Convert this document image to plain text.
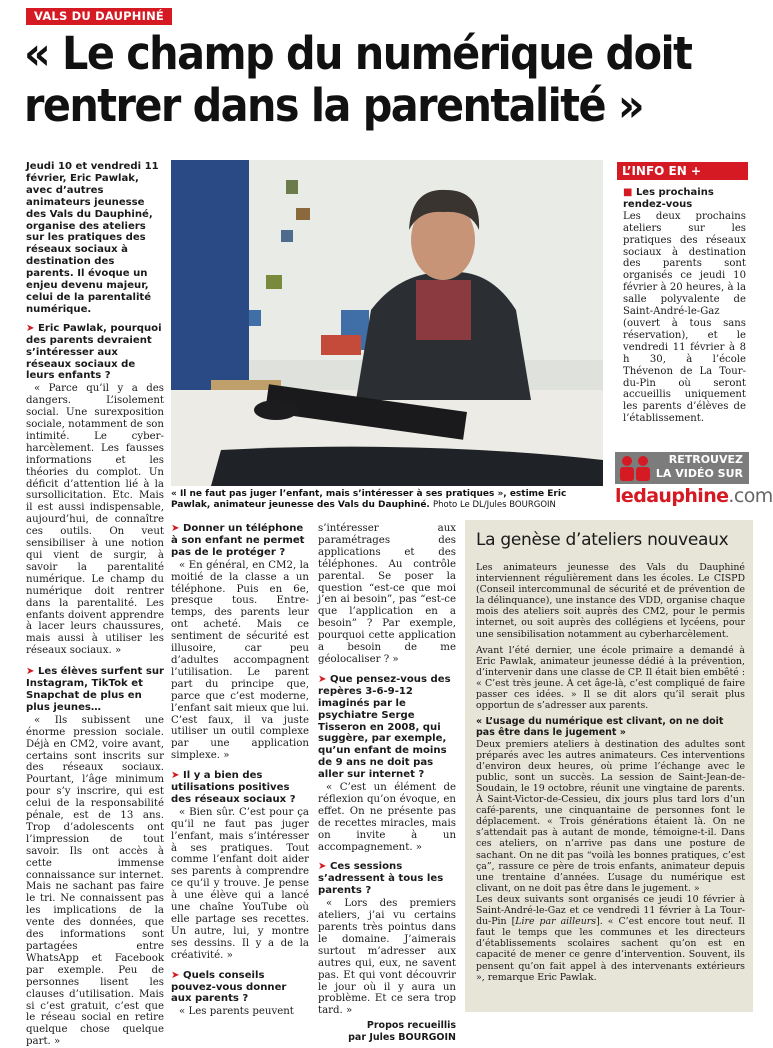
VALS DU DAUPHINÉ
« Le champ du numérique doit
rentrer dans la parentalité »

Jeudi 10 et vendredi 11 février, Eric Pawlak, avec d’autres animateurs jeunesse des Vals du Dauphiné, organise des ateliers sur les pratiques des réseaux sociaux à destination des parents. Il évoque un enjeu devenu majeur, celui de la parentalité numérique.

➤ Eric Pawlak, pourquoi des parents devraient s’intéresser aux réseaux sociaux de leurs enfants ?

« Parce qu’il y a des dangers. L’isolement social. Une surexposition sociale, notamment de son intimité. Le cyber-harcèlement. Les fausses informations et les théories du complot. Un déficit d’attention lié à la sursollicitation. Etc. Mais il est aussi indispensable, aujourd’hui, de connaître ces outils. On veut sensibiliser à une notion qui vient de surgir, à savoir la parentalité numérique. Le champ du numérique doit rentrer dans la parentalité. Les enfants doivent apprendre à lacer leurs chaussures, mais aussi à utiliser les réseaux sociaux. »

➤ Les élèves surfent sur Instagram, TikTok et Snapchat de plus en plus jeunes…

« Ils subissent une énorme pression sociale. Déjà en CM2, voire avant, certains sont inscrits sur des réseaux sociaux. Pourtant, l’âge minimum pour s’y inscrire, qui est celui de la responsabilité pénale, est de 13 ans. Trop d’adolescents ont l’impression de tout savoir. Ils ont accès à cette immense connaissance sur internet. Mais ne sachant pas faire le tri. Ne connaissent pas les implications de la vente des données, que des informations sont partagées entre WhatsApp et Facebook par exemple. Peu de personnes lisent les clauses d’utilisation. Mais si c’est gratuit, c’est que le réseau social en retire quelque chose quelque part. »

« Il ne faut pas juger l’enfant, mais s’intéresser à ses pratiques », estime Eric Pawlak, animateur jeunesse des Vals du Dauphiné. Photo Le DL/Jules BOURGOIN
L’INFO EN +
■ Les prochains rendez-vous

Les deux prochains ateliers sur les pratiques des réseaux sociaux à destination des parents sont organisés ce jeudi 10 février à 20 heures, à la salle polyvalente de Saint-André-le-Gaz (ouvert à tous sans réservation), et le vendredi 11 février à 8 h 30, à l’école Thévenon de La Tour-du-Pin où seront accueillis uniquement les parents d’élèves de l’établissement.

RETROUVEZ
LA VIDÉO SUR
ledauphine.com
➤ Donner un téléphone à son enfant ne permet pas de le protéger ?

« En général, en CM2, la moitié de la classe a un téléphone. Puis en 6e, presque tous. Entre-temps, des parents leur ont acheté. Mais ce sentiment de sécurité est illusoire, car peu d’adultes accompagnent l’utilisation. Le parent part du principe que, parce que c’est moderne, l’enfant sait mieux que lui. C’est faux, il va juste utiliser un outil complexe par une application simplexe. »

➤ Il y a bien des utilisations positives des réseaux sociaux ?

« Bien sûr. C’est pour ça qu’il ne faut pas juger l’enfant, mais s’intéresser à ses pratiques. Tout comme l’enfant doit aider ses parents à comprendre ce qu’il y trouve. Je pense à une élève qui a lancé une chaîne YouTube où elle partage ses recettes. Un autre, lui, y montre ses dessins. Il y a de la créativité. »

➤ Quels conseils pouvez-vous donner aux parents ?

« Les parents peuvent

s’intéresser aux paramétrages des applications et des téléphones. Au contrôle parental. Se poser la question “est-ce que moi j’en ai besoin”, pas “est-ce que l’application en a besoin” ? Par exemple, pourquoi cette application a besoin de me géolocaliser ? »

➤ Que pensez-vous des repères 3-6-9-12 imaginés par le psychiatre Serge Tisseron en 2008, qui suggère, par exemple, qu’un enfant de moins de 9 ans ne doit pas aller sur internet ?

« C’est un élément de réflexion qu’on évoque, en effet. On ne présente pas de recettes miracles, mais on invite à un accompagnement. »

➤ Ces sessions s’adressent à tous les parents ?

« Lors des premiers ateliers, j’ai vu certains parents très pointus dans le domaine. J’aimerais surtout m’adresser aux autres qui, eux, ne savent pas. Et qui vont découvrir le jour où il y aura un problème. Et ce sera trop tard. »

Propos recueillis
par Jules BOURGOIN
La genèse d’ateliers nouveaux

Les animateurs jeunesse des Vals du Dauphiné interviennent régulièrement dans les écoles. Le CISPD (Conseil intercommunal de sécurité et de prévention de la délinquance), une instance des VDD, organise chaque mois des ateliers soit auprès des CM2, pour le permis internet, ou soit auprès des collégiens et lycéens, pour une sensibilisation notamment au cyberharcèlement.

Avant l’été dernier, une école primaire a demandé à Eric Pawlak, animateur jeunesse dédié à la prévention, d’intervenir dans une classe de CP. Il était bien embêté : « C’est très jeune. À cet âge-là, c’est compliqué de faire passer ces idées. » Il se dit alors qu’il serait plus opportun de s’adresser aux parents.

« L’usage du numérique est clivant, on ne doit pas être dans le jugement »

Deux premiers ateliers à destination des adultes sont préparés avec les autres animateurs. Ces interventions d’environ deux heures, où prime l’échange avec le public, sont un succès. La session de Saint-Jean-de-Soudain, le 19 octobre, réunit une vingtaine de parents. À Saint-Victor-de-Cessieu, dix jours plus tard lors d’un café-parents, une cinquantaine de personnes font le déplacement. « Trois générations étaient là. On ne s’attendait pas à autant de monde, témoigne-t-il. Dans ces ateliers, on n’arrive pas dans une posture de sachant. On ne dit pas “voilà les bonnes pratiques, c’est ça”, rassure ce père de trois enfants, animateur depuis une trentaine d’années. L’usage du numérique est clivant, on ne doit pas être dans le jugement. »

Les deux suivants sont organisés ce jeudi 10 février à Saint-André-le-Gaz et ce vendredi 11 février à La Tour-du-Pin [Lire par ailleurs]. « C’est encore tout neuf. Il faut le temps que les communes et les directeurs d’établissements scolaires sachent qu’on est en capacité de mener ce genre d’intervention. Souvent, ils pensent qu’on fait appel à des intervenants extérieurs », remarque Eric Pawlak.
